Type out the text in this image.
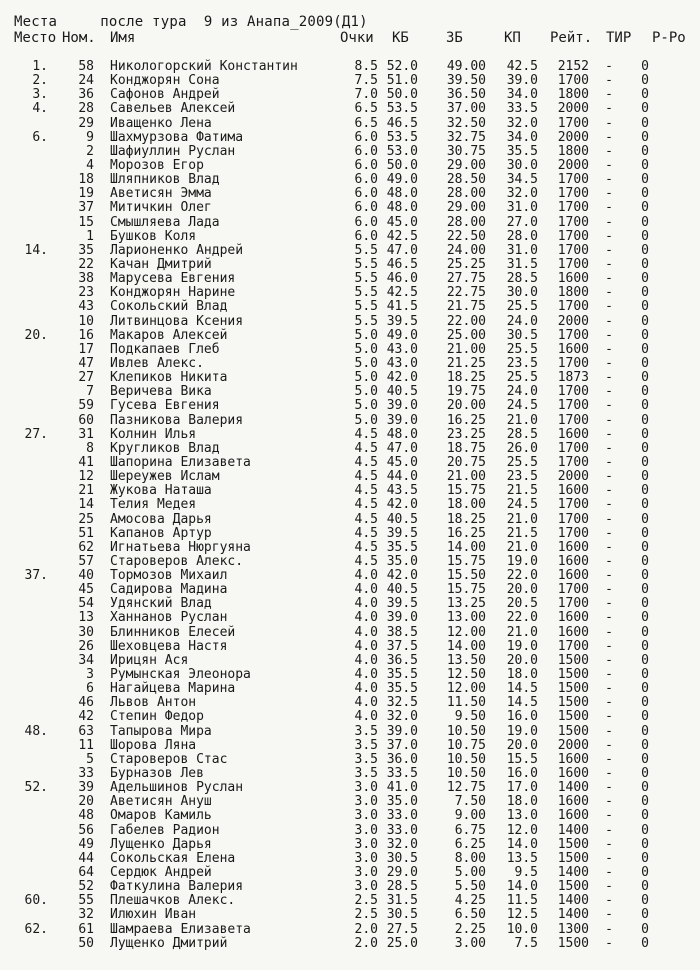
Места     после тура  9 из Анапа_2009(Д1)
Место Ном. Имя	Очки КБ	ЗБ	КП Рейт. ТИР Р-Ро
1.	58 Никологорский Константин	8.5 52.0	49.00	42.5	2152 - 0
2.	24 Конджорян Сона	7.5 51.0	39.50	39.0	1700 - 0
3.	36 Сафонов Андрей	7.0 50.0	36.50	34.0	1800 - 0
4.	28 Савельев Алексей	6.5 53.5	37.00	33.5	2000 - 0
29 Иващенко Лена	6.5 46.5	32.50	32.0	1700 - 0
6.	9 Шахмурзова Фатима	6.0 53.5	32.75	34.0	2000 - 0
2 Шафиуллин Руслан	6.0 53.0	30.75	35.5	1800 - 0
4 Морозов Егор	6.0 50.0	29.00	30.0	2000 - 0
18 Шляпников Влад	6.0 49.0	28.50	34.5	1700 - 0
19 Аветисян Эмма	6.0 48.0	28.00	32.0	1700 - 0
37 Митичкин Олег	6.0 48.0	29.00	31.0	1700 - 0
15 Смышляева Лада	6.0 45.0	28.00	27.0	1700 - 0
1 Бушков Коля	6.0 42.5	22.50	28.0	1700 - 0
14.	35 Ларионенко Андрей	5.5 47.0	24.00	31.0	1700 - 0
22 Качан Дмитрий	5.5 46.5	25.25	31.5	1700 - 0
38 Марусева Евгения	5.5 46.0	27.75	28.5	1600 - 0
23 Конджорян Нарине	5.5 42.5	22.75	30.0	1800 - 0
43 Сокольский Влад	5.5 41.5	21.75	25.5	1700 - 0
10 Литвинцова Ксения	5.5 39.5	22.00	24.0	2000 - 0
20.	16 Макаров Алексей	5.0 49.0	25.00	30.5	1700 - 0
17 Подкапаев Глеб	5.0 43.0	21.00	25.5	1600 - 0
47 Ивлев Алекс.	5.0 43.0	21.25	23.5	1700 - 0
27 Клепиков Никита	5.0 42.0	18.25	25.5	1873 - 0
7 Веричева Вика	5.0 40.5	19.75	24.0	1700 - 0
59 Гусева Евгения	5.0 39.0	20.00	24.5	1700 - 0
60 Пазникова Валерия	5.0 39.0	16.25	21.0	1700 - 0
27.	31 Колнин Илья	4.5 48.0	23.25	28.5	1600 - 0
8 Кругликов Влад	4.5 47.0	18.75	26.0	1700 - 0
41 Шапорина Елизавета	4.5 45.0	20.75	25.5	1700 - 0
12 Шереужев Ислам	4.5 44.0	21.00	23.5	2000 - 0
21 Жукова Наташа	4.5 43.5	15.75	21.5	1600 - 0
14 Телия Медея	4.5 42.0	18.00	24.5	1700 - 0
25 Амосова Дарья	4.5 40.5	18.25	21.0	1700 - 0
51 Капанов Артур	4.5 39.5	16.25	21.5	1700 - 0
62 Игнатьева Нюргуяна	4.5 35.5	14.00	21.0	1600 - 0
57 Староверов Алекс.	4.5 35.0	15.75	19.0	1600 - 0
37.	40 Тормозов Михаил	4.0 42.0	15.50	22.0	1600 - 0
45 Садирова Мадина	4.0 40.5	15.75	20.0	1700 - 0
54 Удянский Влад	4.0 39.5	13.25	20.5	1700 - 0
13 Ханнанов Руслан	4.0 39.0	13.00	22.0	1600 - 0
30 Блинников Елесей	4.0 38.5	12.00	21.0	1600 - 0
26 Шеховцева Настя	4.0 37.5	14.00	19.0	1700 - 0
34 Ирицян Ася	4.0 36.5	13.50	20.0	1500 - 0
3 Румынская Элеонора	4.0 35.5	12.50	18.0	1500 - 0
6 Нагайцева Марина	4.0 35.5	12.00	14.5	1500 - 0
46 Львов Антон	4.0 32.5	11.50	14.5	1500 - 0
42 Степин Федор	4.0 32.0	9.50	16.0	1500 - 0
48.	63 Тапырова Мира	3.5 39.0	10.50	19.0	1500 - 0
11 Шорова Ляна	3.5 37.0	10.75	20.0	2000 - 0
5 Староверов Стас	3.5 36.0	10.50	15.5	1600 - 0
33 Бурназов Лев	3.5 33.5	10.50	16.0	1600 - 0
52.	39 Адельшинов Руслан	3.0 41.0	12.75	17.0	1400 - 0
20 Аветисян Ануш	3.0 35.0	7.50	18.0	1600 - 0
48 Омаров Камиль	3.0 33.0	9.00	13.0	1600 - 0
56 Габелев Радион	3.0 33.0	6.75	12.0	1400 - 0
49 Лущенко Дарья	3.0 32.0	6.25	14.0	1500 - 0
44 Сокольская Елена	3.0 30.5	8.00	13.5	1500 - 0
64 Сердюк Андрей	3.0 29.0	5.00	9.5	1400 - 0
52 Фаткулина Валерия	3.0 28.5	5.50	14.0	1500 - 0
60.	55 Плешачков Алекс.	2.5 31.5	4.25	11.5	1400 - 0
32 Илюхин Иван	2.5 30.5	6.50	12.5	1400 - 0
62.	61 Шамраева Елизавета	2.0 27.5	2.25	10.0	1300 - 0
50 Лущенко Дмитрий	2.0 25.0	3.00	7.5	1500 - 0
